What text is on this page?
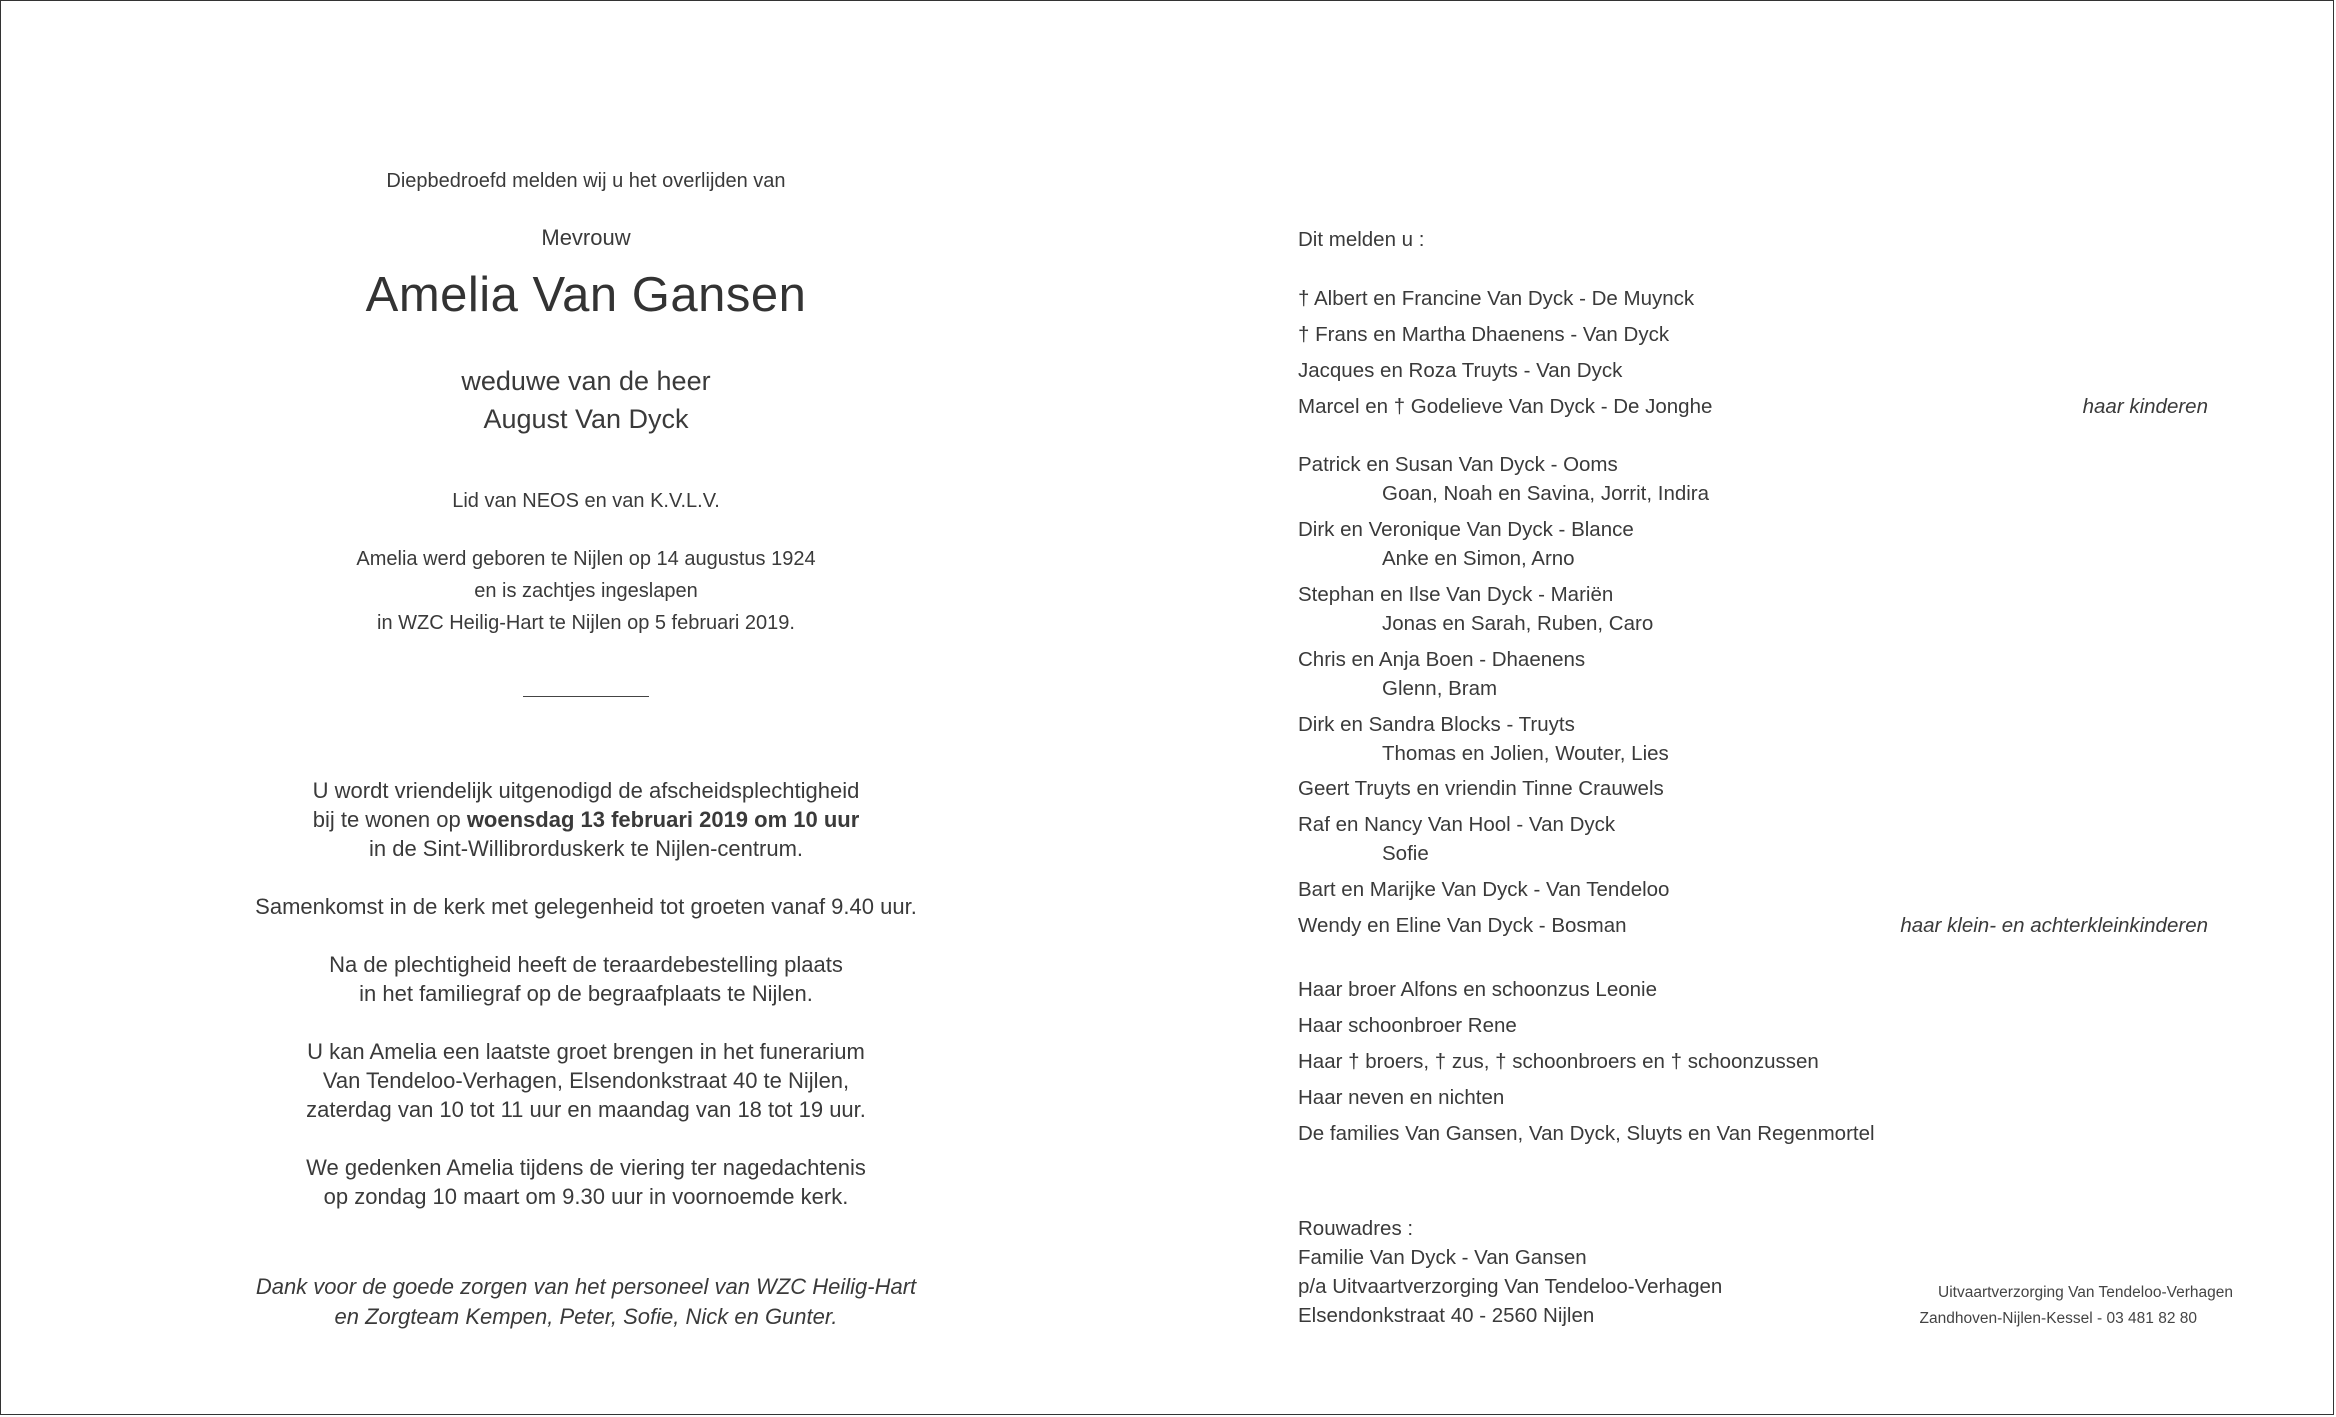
Diepbedroefd melden wij u het overlijden van
Mevrouw
Amelia Van Gansen
weduwe van de heer
August Van Dyck
Lid van NEOS en van K.V.L.V.
Amelia werd geboren te Nijlen op 14 augustus 1924
en is zachtjes ingeslapen
in WZC Heilig-Hart te Nijlen op 5 februari 2019.
U wordt vriendelijk uitgenodigd de afscheidsplechtigheid
bij te wonen op woensdag 13 februari 2019 om 10 uur
in de Sint-Willibrorduskerk te Nijlen-centrum.
Samenkomst in de kerk met gelegenheid tot groeten vanaf 9.40 uur.
Na de plechtigheid heeft de teraardebestelling plaats
in het familiegraf op de begraafplaats te Nijlen.
U kan Amelia een laatste groet brengen in het funerarium
Van Tendeloo-Verhagen, Elsendonkstraat 40 te Nijlen,
zaterdag van 10 tot 11 uur en maandag van 18 tot 19 uur.
We gedenken Amelia tijdens de viering ter nagedachtenis
op zondag 10 maart om 9.30 uur in voornoemde kerk.
Dank voor de goede zorgen van het personeel van WZC Heilig-Hart
en Zorgteam Kempen, Peter, Sofie, Nick en Gunter.
Dit melden u :
† Albert en Francine Van Dyck - De Muynck
† Frans en Martha Dhaenens - Van Dyck
Jacques en Roza Truyts - Van Dyck
Marcel en † Godelieve Van Dyck - De Jonghe	haar kinderen
Patrick en Susan Van Dyck - Ooms
Goan, Noah en Savina, Jorrit, Indira
Dirk en Veronique Van Dyck - Blance
Anke en Simon, Arno
Stephan en Ilse Van Dyck - Mariën
Jonas en Sarah, Ruben, Caro
Chris en Anja Boen - Dhaenens
Glenn, Bram
Dirk en Sandra Blocks - Truyts
Thomas en Jolien, Wouter, Lies
Geert Truyts en vriendin Tinne Crauwels
Raf en Nancy Van Hool - Van Dyck
Sofie
Bart en Marijke Van Dyck - Van Tendeloo
Wendy en Eline Van Dyck - Bosman	haar klein- en achterkleinkinderen
Haar broer Alfons en schoonzus Leonie
Haar schoonbroer Rene
Haar † broers, † zus, † schoonbroers en † schoonzussen
Haar neven en nichten
De families Van Gansen, Van Dyck, Sluyts en Van Regenmortel
Rouwadres :
Familie Van Dyck - Van Gansen
p/a Uitvaartverzorging Van Tendeloo-Verhagen
Elsendonkstraat 40 - 2560 Nijlen
Uitvaartverzorging Van Tendeloo-Verhagen
Zandhoven-Nijlen-Kessel - 03 481 82 80
